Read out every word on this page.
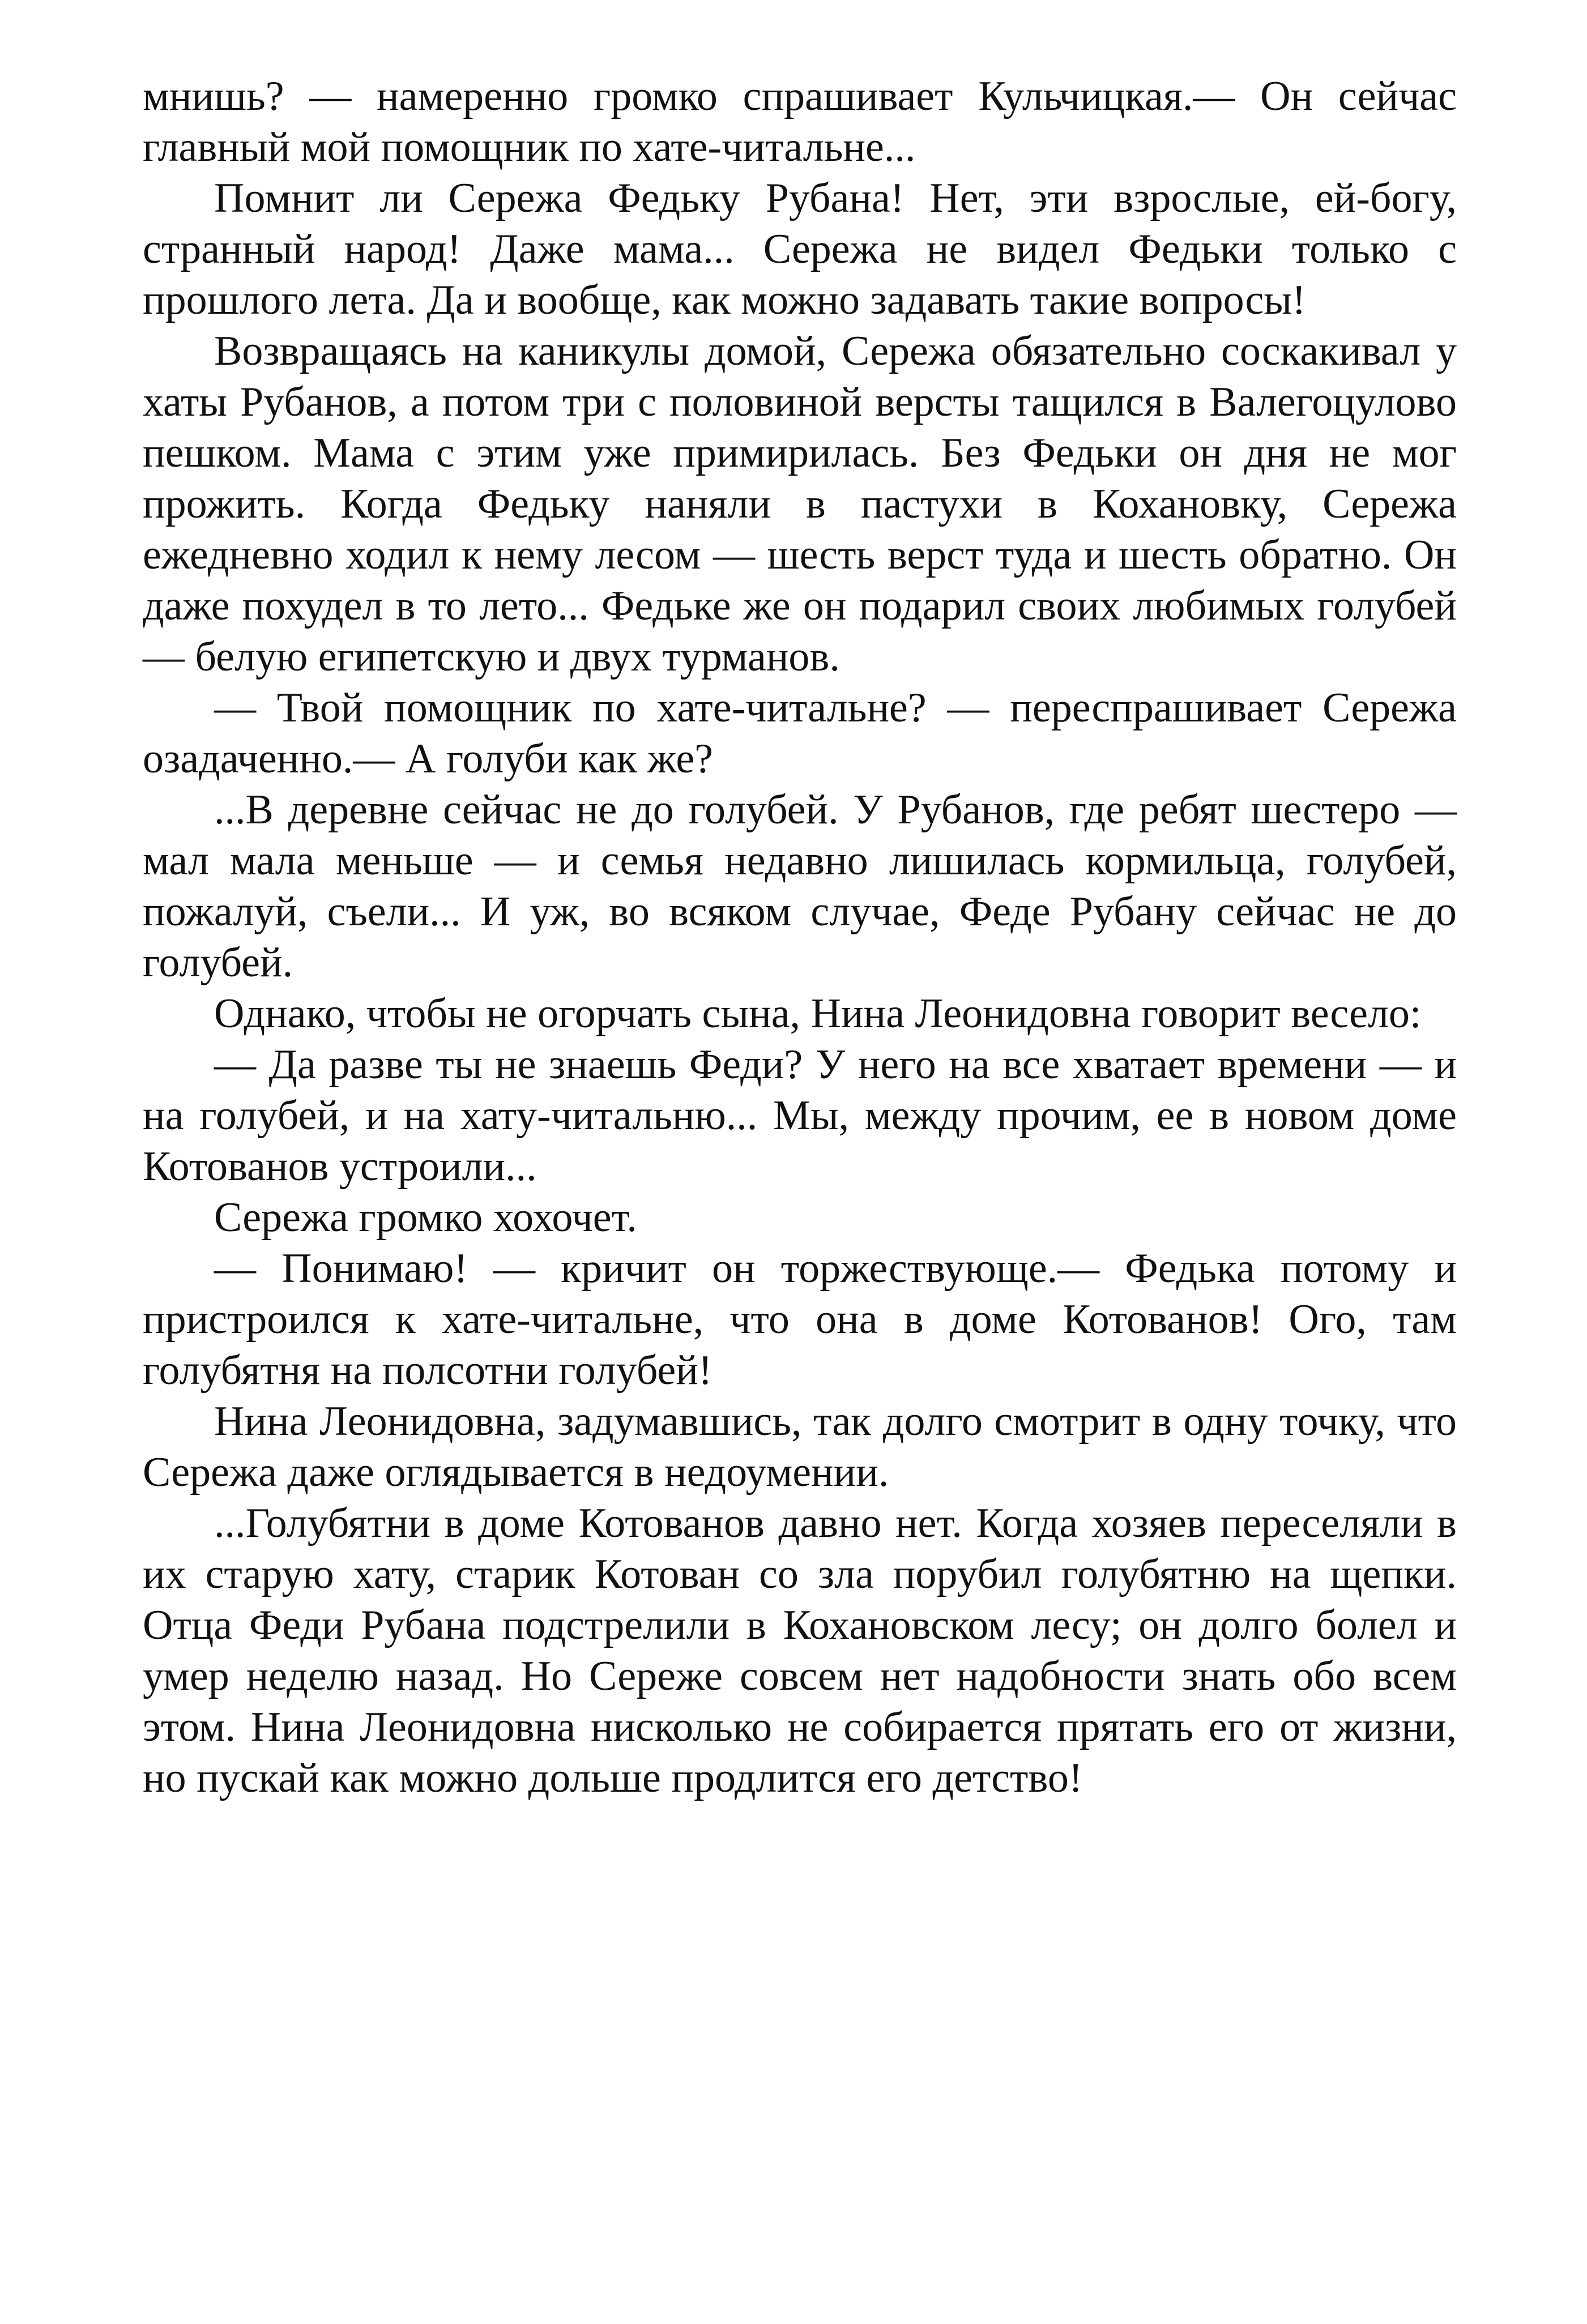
мнишь? — намеренно громко спрашивает Кульчицкая.— Он сейчас главный мой помощник по хате-читальне...

Помнит ли Сережа Федьку Рубана! Нет, эти взрослые, ей-богу, странный народ! Даже мама... Сережа не видел Федьки только с прошлого лета. Да и вообще, как можно задавать такие вопросы!

Возвращаясь на каникулы домой, Сережа обязательно соскакивал у хаты Рубанов, а потом три с половиной версты тащился в Валегоцулово пешком. Мама с этим уже примирилась. Без Федьки он дня не мог прожить. Когда Федьку наняли в пастухи в Кохановку, Сережа ежедневно ходил к нему лесом — шесть верст туда и шесть обратно. Он даже похудел в то лето... Федьке же он подарил своих любимых голубей — белую египетскую и двух турманов.

— Твой помощник по хате-читальне? — переспрашивает Сережа озадаченно.— А голуби как же?

...В деревне сейчас не до голубей. У Рубанов, где ребят шестеро — мал мала меньше — и семья недавно лишилась кормильца, голубей, пожалуй, съели... И уж, во всяком случае, Феде Рубану сейчас не до голубей.

Однако, чтобы не огорчать сына, Нина Леонидовна говорит весело:

— Да разве ты не знаешь Феди? У него на все хватает времени — и на голубей, и на хату-читальню... Мы, между прочим, ее в новом доме Котованов устроили...

Сережа громко хохочет.

— Понимаю! — кричит он торжествующе.— Федька потому и пристроился к хате-читальне, что она в доме Котованов! Ого, там голубятня на полсотни голубей!

Нина Леонидовна, задумавшись, так долго смотрит в одну точку, что Сережа даже оглядывается в недоумении.

...Голубятни в доме Котованов давно нет. Когда хозяев переселяли в их старую хату, старик Котован со зла порубил голубятню на щепки. Отца Феди Рубана подстрелили в Кохановском лесу; он долго болел и умер неделю назад. Но Сереже совсем нет надобности знать обо всем этом. Нина Леонидовна нисколько не собирается прятать его от жизни, но пускай как можно дольше продлится его детство!
